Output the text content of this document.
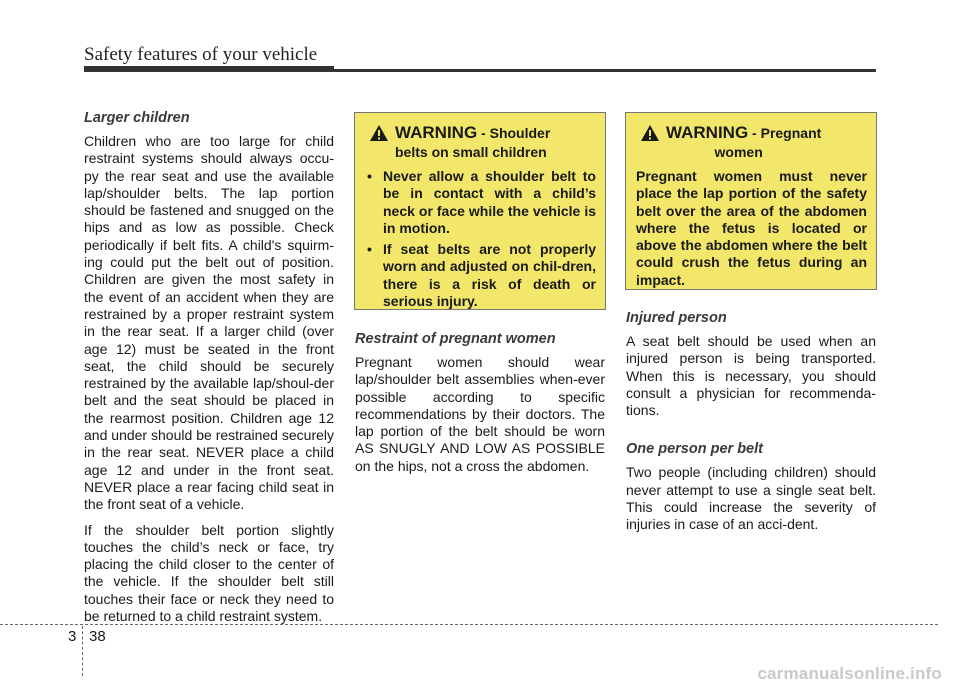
Safety features of your vehicle
Larger children

Children who are too large for child restraint systems should always occu-py the rear seat and use the available lap/shoulder belts. The lap portion should be fastened and snugged on the hips and as low as possible. Check periodically if belt fits. A child's squirm-ing could put the belt out of position. Children are given the most safety in the event of an accident when they are restrained by a proper restraint system in the rear seat. If a larger child (over age 12) must be seated in the front seat, the child should be securely restrained by the available lap/shoul-der belt and the seat should be placed in the rearmost position. Children age 12 and under should be restrained securely in the rear seat. NEVER place a child age 12 and under in the front seat. NEVER place a rear facing child seat in the front seat of a vehicle.

If the shoulder belt portion slightly touches the child’s neck or face, try placing the child closer to the center of the vehicle. If the shoulder belt still touches their face or neck they need to be returned to a child restraint system.

WARNING - Shoulder
belts on small children
• Never allow a shoulder belt to be in contact with a child’s neck or face while the vehicle is in motion.
• If seat belts are not properly worn and adjusted on chil-dren, there is a risk of death or serious injury.
Restraint of pregnant women

Pregnant women should wear lap/shoulder belt assemblies when-ever possible according to specific recommendations by their doctors. The lap portion of the belt should be worn AS SNUGLY AND LOW AS POSSIBLE on the hips, not a cross the abdomen.

WARNING - Pregnant
women

Pregnant women must never place the lap portion of the safety belt over the area of the abdomen where the fetus is located or above the abdomen where the belt could crush the fetus during an impact.

Injured person

A seat belt should be used when an injured person is being transported. When this is necessary, you should consult a physician for recommenda-tions.

One person per belt

Two people (including children) should never attempt to use a single seat belt. This could increase the severity of injuries in case of an acci-dent.

3 38
carmanualsonline.info
